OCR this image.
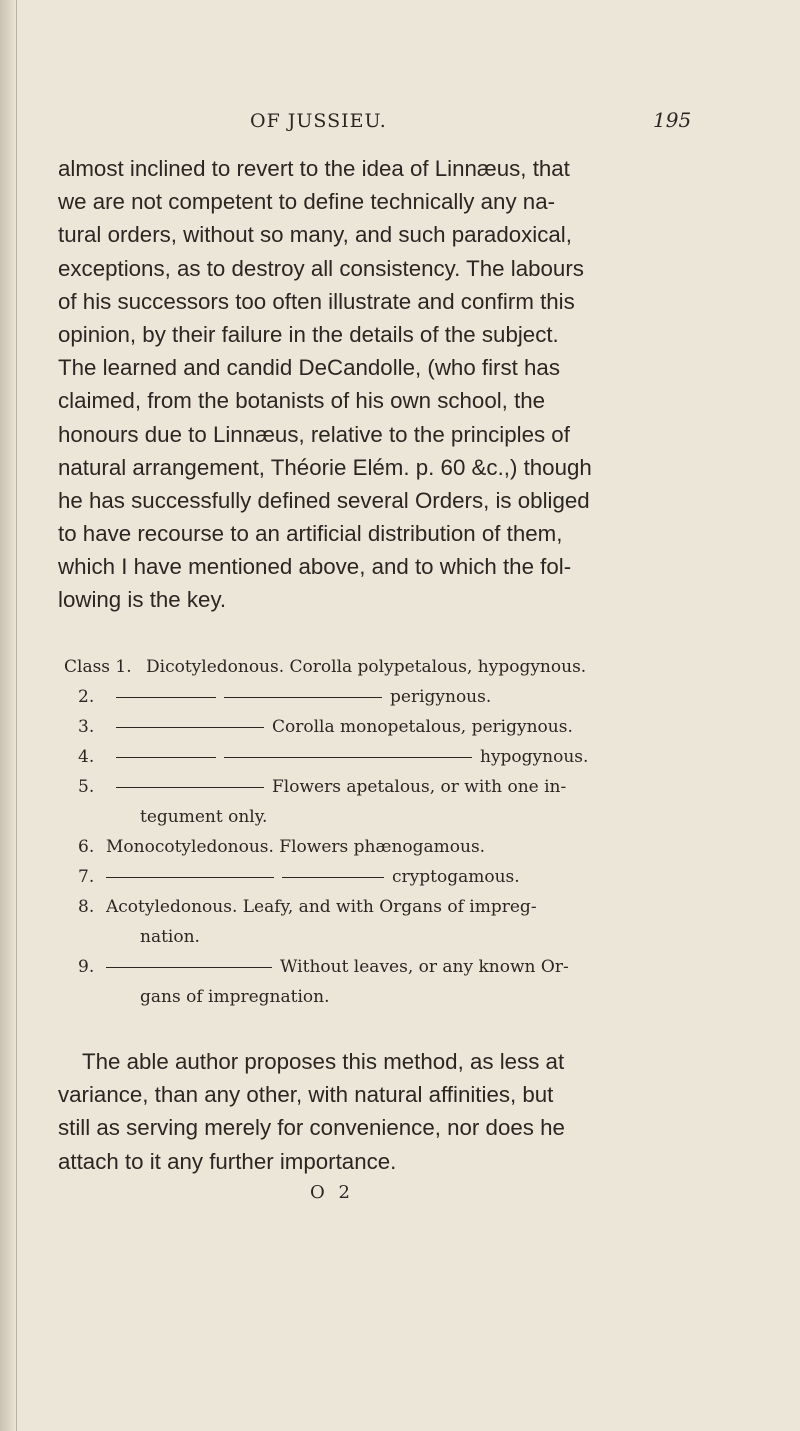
OF JUSSIEU.	195
almost inclined to revert to the idea of Linnæus, that
we are not competent to define technically any na-
tural orders, without so many, and such paradoxical,
exceptions, as to destroy all consistency. The labours
of his successors too often illustrate and confirm this
opinion, by their failure in the details of the subject.
The learned and candid DeCandolle, (who first has
claimed, from the botanists of his own school, the
honours due to Linnæus, relative to the principles of
natural arrangement, Théorie Elém. p. 60 &c.,) though
he has successfully defined several Orders, is obliged
to have recourse to an artificial distribution of them,
which I have mentioned above, and to which the fol-
lowing is the key.
Class 1. Dicotyledonous. Corolla polypetalous, hypogynous.
2.	perigynous.
3.	Corolla monopetalous, perigynous.
4.	hypogynous.
5.	Flowers apetalous, or with one in-
tegument only.
6. Monocotyledonous. Flowers phænogamous.
7.	cryptogamous.
8. Acotyledonous. Leafy, and with Organs of impreg-
nation.
9.	Without leaves, or any known Or-
gans of impregnation.
The able author proposes this method, as less at
variance, than any other, with natural affinities, but
still as serving merely for convenience, nor does he
attach to it any further importance.
O 2
